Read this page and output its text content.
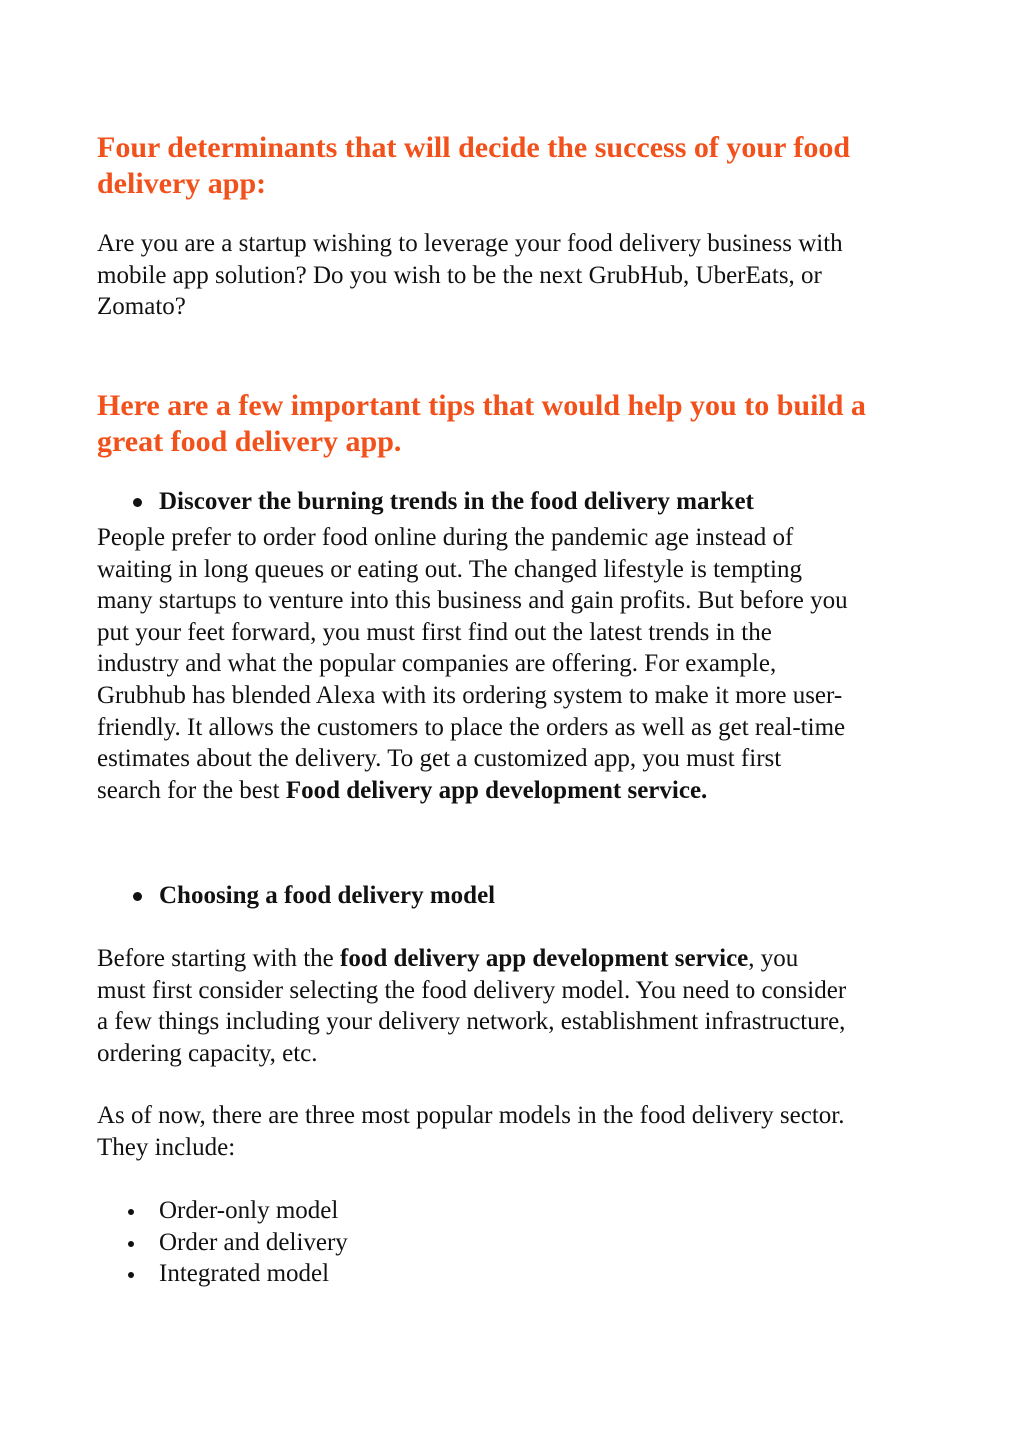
Four determinants that will decide the success of your food
delivery app:

Are you are a startup wishing to leverage your food delivery business with
mobile app solution? Do you wish to be the next GrubHub, UberEats, or
Zomato?

Here are a few important tips that would help you to build a
great food delivery app.
Discover the burning trends in the food delivery market

People prefer to order food online during the pandemic age instead of
waiting in long queues or eating out. The changed lifestyle is tempting
many startups to venture into this business and gain profits. But before you
put your feet forward, you must first find out the latest trends in the
industry and what the popular companies are offering. For example,
Grubhub has blended Alexa with its ordering system to make it more user-
friendly. It allows the customers to place the orders as well as get real-time
estimates about the delivery. To get a customized app, you must first
search for the best Food delivery app development service.

Choosing a food delivery model

Before starting with the food delivery app development service, you
must first consider selecting the food delivery model. You need to consider
a few things including your delivery network, establishment infrastructure,
ordering capacity, etc.

As of now, there are three most popular models in the food delivery sector.
They include:

Order-only model
Order and delivery
Integrated model
